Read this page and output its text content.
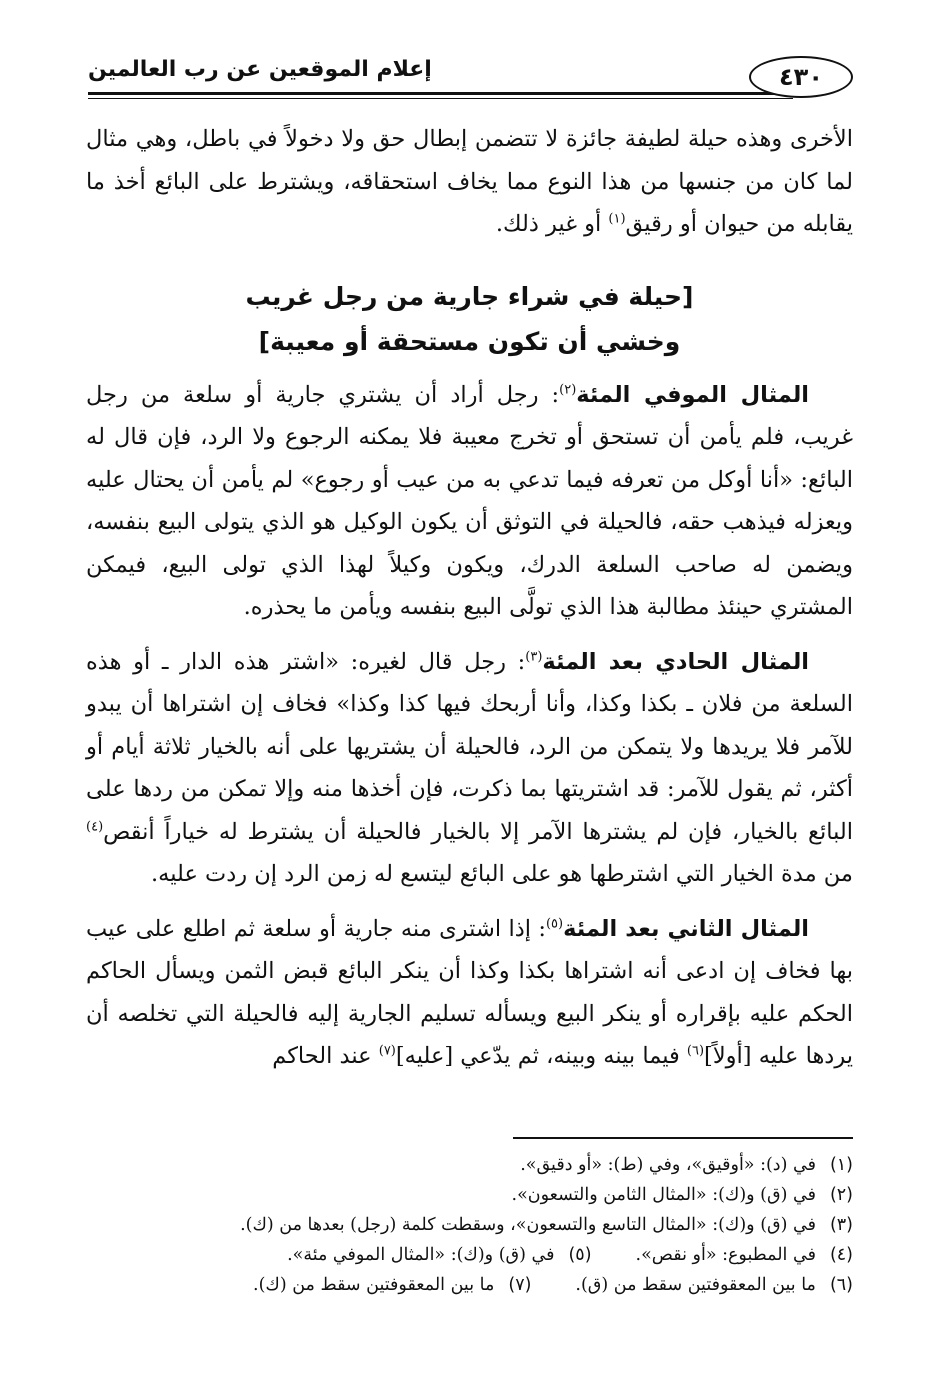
٤٣٠
إعلام الموقعين عن رب العالمين

الأخرى وهذه حيلة لطيفة جائزة لا تتضمن إبطال حق ولا دخولاً في باطل، وهي مثال لما كان من جنسها من هذا النوع مما يخاف استحقاقه، ويشترط على البائع أخذ ما يقابله من حيوان أو رقيق$^{(١)}$ أو غير ذلك.

[حيلة في شراء جارية من رجل غريب
وخشي أن تكون مستحقة أو معيبة]

المثال الموفي المئة$^{(٢)}$: رجل أراد أن يشتري جارية أو سلعة من رجل غريب، فلم يأمن أن تستحق أو تخرج معيبة فلا يمكنه الرجوع ولا الرد، فإن قال له البائع: «أنا أوكل من تعرفه فيما تدعي به من عيب أو رجوع» لم يأمن أن يحتال عليه ويعزله فيذهب حقه، فالحيلة في التوثق أن يكون الوكيل هو الذي يتولى البيع بنفسه، ويضمن له صاحب السلعة الدرك، ويكون وكيلاً لهذا الذي تولى البيع، فيمكن المشتري حينئذ مطالبة هذا الذي تولَّى البيع بنفسه ويأمن ما يحذره.

المثال الحادي بعد المئة$^{(٣)}$: رجل قال لغيره: «اشتر هذه الدار ـ أو هذه السلعة من فلان ـ بكذا وكذا، وأنا أربحك فيها كذا وكذا» فخاف إن اشتراها أن يبدو للآمر فلا يريدها ولا يتمكن من الرد، فالحيلة أن يشتريها على أنه بالخيار ثلاثة أيام أو أكثر، ثم يقول للآمر: قد اشتريتها بما ذكرت، فإن أخذها منه وإلا تمكن من ردها على البائع بالخيار، فإن لم يشترها الآمر إلا بالخيار فالحيلة أن يشترط له خياراً أنقص$^{(٤)}$ من مدة الخيار التي اشترطها هو على البائع ليتسع له زمن الرد إن ردت عليه.

المثال الثاني بعد المئة$^{(٥)}$: إذا اشترى منه جارية أو سلعة ثم اطلع على عيب بها فخاف إن ادعى أنه اشتراها بكذا وكذا أن ينكر البائع قبض الثمن ويسأل الحاكم الحكم عليه بإقراره أو ينكر البيع ويسأله تسليم الجارية إليه فالحيلة التي تخلصه أن يردها عليه [أولاً]$^{(٦)}$ فيما بينه وبينه، ثم يدّعي [عليه]$^{(٧)}$ عند الحاكم

(١)
في (د): «أوقيق»، وفي (ط): «أو دقيق».
(٢)
في (ق) و(ك): «المثال الثامن والتسعون».
(٣)
في (ق) و(ك): «المثال التاسع والتسعون»، وسقطت كلمة (رجل) بعدها من (ك).
(٤)
في المطبوع: «أو نقص».
(٥)
في (ق) و(ك): «المثال الموفي مئة».
(٦)
ما بين المعقوفتين سقط من (ق).
(٧)
ما بين المعقوفتين سقط من (ك).
